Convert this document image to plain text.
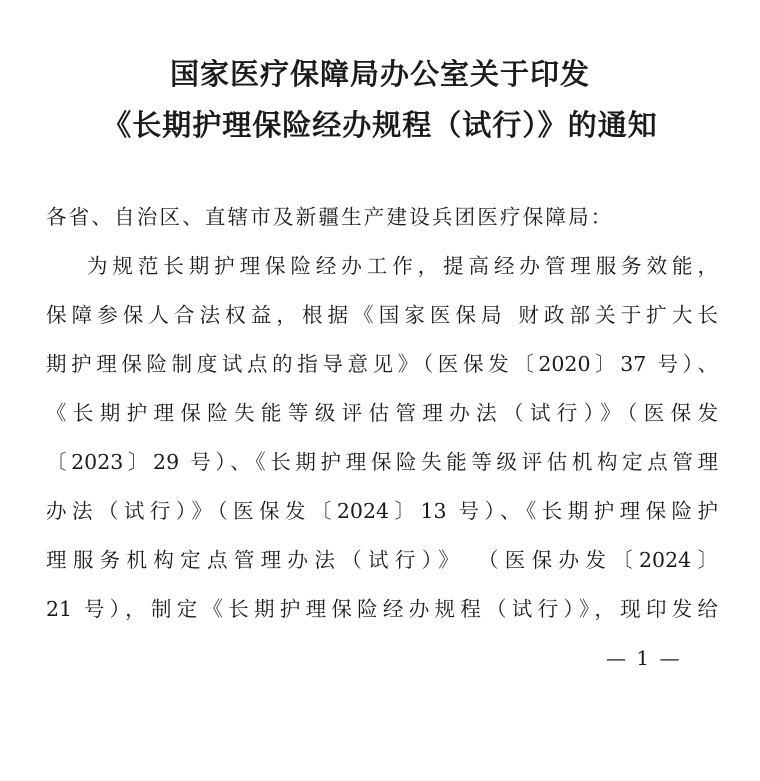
国家医疗保障局办公室关于印发
《长期护理保险经办规程（试行）》的通知
各省、自治区、直辖市及新疆生产建设兵团医疗保障局：
为规范长期护理保险经办工作，提高经办管理服务效能，
保障参保人合法权益，根据《国家医保局 财政部关于扩大长
期护理保险制度试点的指导意见》（医保发〔2020〕37 号）、
《长期护理保险失能等级评估管理办法（试行）》（医保发
〔2023〕29 号）、《长期护理保险失能等级评估机构定点管理
办法（试行）》（医保发〔2024〕13 号）、《长期护理保险护
理服务机构定点管理办法（试行）》 （医保办发〔2024〕
21 号），制定《长期护理保险经办规程（试行）》，现印发给
— 1 —
